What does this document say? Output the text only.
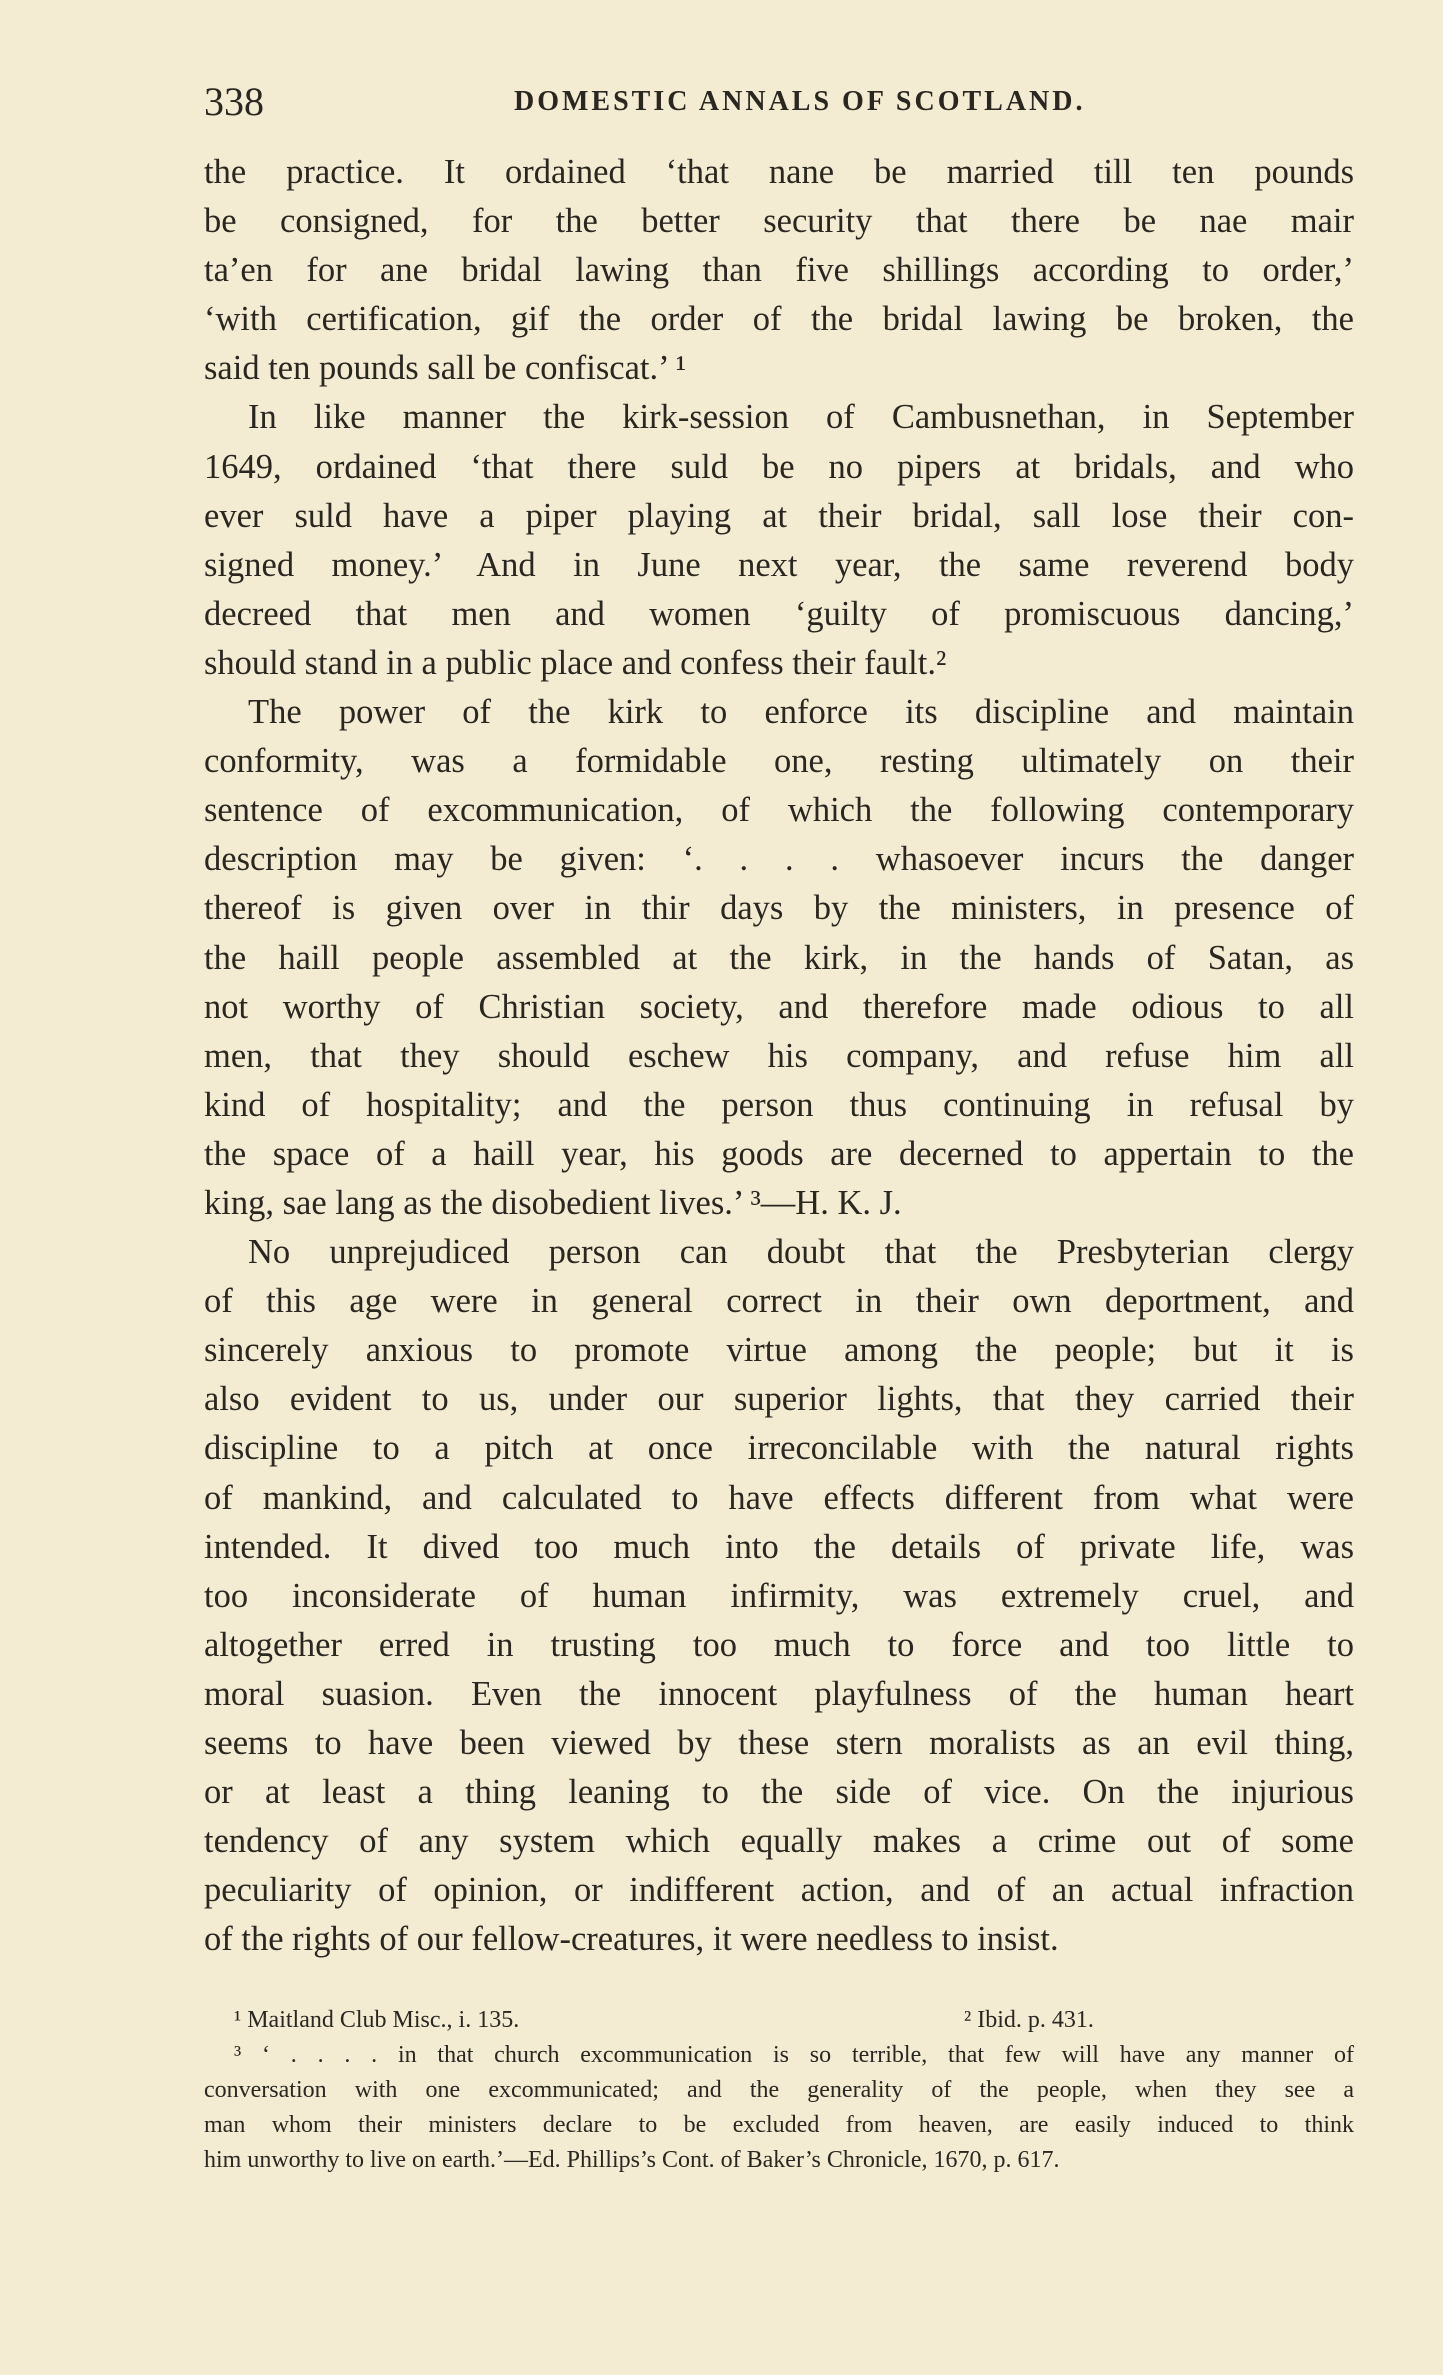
338	DOMESTIC ANNALS OF SCOTLAND.
the practice. It ordained ‘that nane be married till ten pounds
be consigned, for the better security that there be nae mair
ta’en for ane bridal lawing than five shillings according to order,’
‘with certification, gif the order of the bridal lawing be broken, the
said ten pounds sall be confiscat.’ ¹
In like manner the kirk-session of Cambusnethan, in September
1649, ordained ‘that there suld be no pipers at bridals, and who
ever suld have a piper playing at their bridal, sall lose their con-
signed money.’ And in June next year, the same reverend body
decreed that men and women ‘guilty of promiscuous dancing,’
should stand in a public place and confess their fault.²
The power of the kirk to enforce its discipline and maintain
conformity, was a formidable one, resting ultimately on their
sentence of excommunication, of which the following contemporary
description may be given: ‘. . . . whasoever incurs the danger
thereof is given over in thir days by the ministers, in presence of
the haill people assembled at the kirk, in the hands of Satan, as
not worthy of Christian society, and therefore made odious to all
men, that they should eschew his company, and refuse him all
kind of hospitality; and the person thus continuing in refusal by
the space of a haill year, his goods are decerned to appertain to the
king, sae lang as the disobedient lives.’ ³—H. K. J.
No unprejudiced person can doubt that the Presbyterian clergy
of this age were in general correct in their own deportment, and
sincerely anxious to promote virtue among the people; but it is
also evident to us, under our superior lights, that they carried their
discipline to a pitch at once irreconcilable with the natural rights
of mankind, and calculated to have effects different from what were
intended. It dived too much into the details of private life, was
too inconsiderate of human infirmity, was extremely cruel, and
altogether erred in trusting too much to force and too little to
moral suasion. Even the innocent playfulness of the human heart
seems to have been viewed by these stern moralists as an evil thing,
or at least a thing leaning to the side of vice. On the injurious
tendency of any system which equally makes a crime out of some
peculiarity of opinion, or indifferent action, and of an actual infraction
of the rights of our fellow-creatures, it were needless to insist.
¹ Maitland Club Misc., i. 135.	² Ibid. p. 431.
³ ‘ . . . . in that church excommunication is so terrible, that few will have any manner of
conversation with one excommunicated; and the generality of the people, when they see a
man whom their ministers declare to be excluded from heaven, are easily induced to think
him unworthy to live on earth.’—Ed. Phillips’s Cont. of Baker’s Chronicle, 1670, p. 617.
